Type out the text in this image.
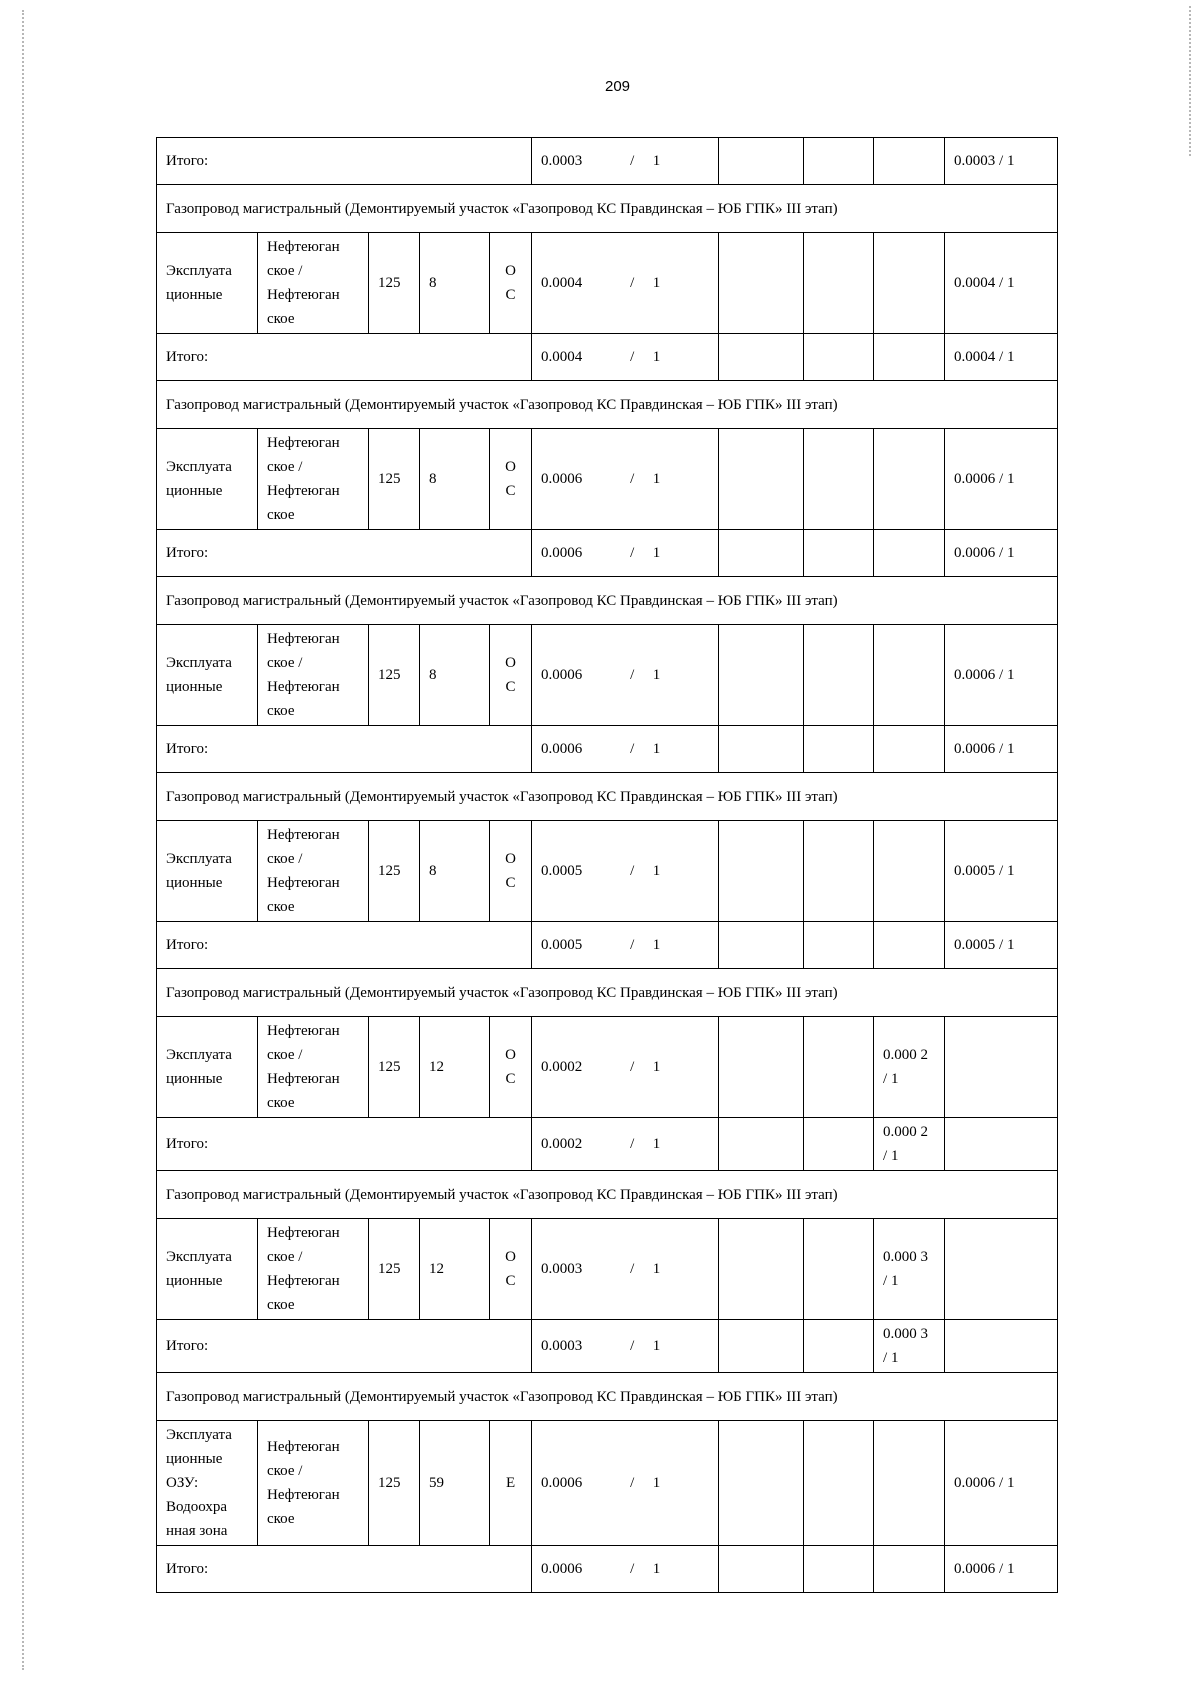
209
Итого:					0.0003 / 1				0.0003 / 1
Газопровод магистральный (Демонтируемый участок «Газопровод КС Правдинская – ЮБ ГПК» III этап)									
Эксплуата ционные	Нефтеюган ское / Нефтеюган ское	125	8	О С	0.0004 / 1				0.0004 / 1
Итого:					0.0004 / 1				0.0004 / 1
Газопровод магистральный (Демонтируемый участок «Газопровод КС Правдинская – ЮБ ГПК» III этап)									
Эксплуата ционные	Нефтеюган ское / Нефтеюган ское	125	8	О С	0.0006 / 1				0.0006 / 1
Итого:					0.0006 / 1				0.0006 / 1
Газопровод магистральный (Демонтируемый участок «Газопровод КС Правдинская – ЮБ ГПК» III этап)									
Эксплуата ционные	Нефтеюган ское / Нефтеюган ское	125	8	О С	0.0006 / 1				0.0006 / 1
Итого:					0.0006 / 1				0.0006 / 1
Газопровод магистральный (Демонтируемый участок «Газопровод КС Правдинская – ЮБ ГПК» III этап)									
Эксплуата ционные	Нефтеюган ское / Нефтеюган ское	125	8	О С	0.0005 / 1				0.0005 / 1
Итого:					0.0005 / 1				0.0005 / 1
Газопровод магистральный (Демонтируемый участок «Газопровод КС Правдинская – ЮБ ГПК» III этап)									
Эксплуата ционные	Нефтеюган ское / Нефтеюган ское	125	12	О С	0.0002 / 1			0.000 2 / 1	
Итого:					0.0002 / 1			0.000 2 / 1	
Газопровод магистральный (Демонтируемый участок «Газопровод КС Правдинская – ЮБ ГПК» III этап)									
Эксплуата ционные	Нефтеюган ское / Нефтеюган ское	125	12	О С	0.0003 / 1			0.000 3 / 1	
Итого:					0.0003 / 1			0.000 3 / 1	
Газопровод магистральный (Демонтируемый участок «Газопровод КС Правдинская – ЮБ ГПК» III этап)									
Эксплуата ционные ОЗУ: Водоохра нная зона	Нефтеюган ское / Нефтеюган ское	125	59	Е	0.0006 / 1				0.0006 / 1
Итого:					0.0006 / 1				0.0006 / 1
